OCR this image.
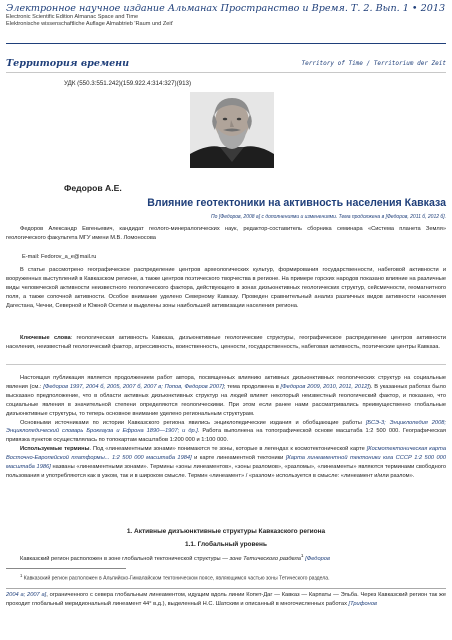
Электронное научное издание Альманах Пространство и Время. Т. 2. Вып. 1 • 2013
Electronic Scientific Edition Almanac Space and Time
Elektronische wissenschaftliche Auflage Almabtrieb 'Raum und Zeit'
Территория времени	Territory of Time / Territorium der Zeit
УДК (550.3:551.242)(159.922.4:314:327)(913)
Федоров А.Е.
Влияние геотектоники на активность населения Кавказа
По [Федоров, 2008 а] с дополнениями и изменениями. Тема продолжена в [Федоров, 2011 б, 2012 б].

Федоров Александр Евгеньевич, кандидат геолого-минералогических наук, редактор-составитель сборника семинара «Система планета Земля» геологического факультета МГУ имени М.В. Ломоносова

E-mail: Fedorov_a_e@mail.ru

В статье рассмотрено географическое распределение центров археологических культур, формирования государственности, набеговой активности и вооруженных выступлений в Кавказском регионе, а также центров поэтического творчества в регионе. На примере горских народов показано влияние на различные виды человеческой активности неизвестного геологического фактора, действующего в зонах дизъюнктивных геологических структур, сейсмичности, геомагнитного поля, а также сопочной активности. Особое внимание уделено Северному Кавказу. Проведен сравнительный анализ различных видов активности населения Дагестана, Чечни, Северной и Южной Осетии и выделены зоны наибольшей активизации населения региона.

Ключевые слова: геологическая активность Кавказа, дизъюнктивные геологические структуры, географическое распределение центров активности населения, неизвестный геологический фактор, агрессивность, воинственность, ценности, государственность, набеговая активность, поэтические центры Кавказа.

Настоящая публикация является продолжением работ автора, посвященных влиянию активных дизъюнктивных геологических структур на социальные явления (см.: [Федоров 1997, 2004 б, 2005, 2007 б, 2007 в; Попов, Федоров 2007]; тема продолжена в [Федоров 2009, 2010, 2011, 2012]). В указанных работах было высказано предположение, что в области активных дизъюнктивных структур на людей влияет некоторый неизвестный геологический фактор, и показано, что социальные явления в значительной степени определяются геологическими. При этом если ранее нами рассматривались преимущественно глобальные дизъюнктивные структуры, то теперь основное внимание уделено региональным структурам.

Основными источниками по истории Кавказского региона явились энциклопедические издания и обобщающие работы [БСЭ-3; Энциклопедия 2008; Энциклопедический словарь Брокгауза и Ефрона 1890—1907; и др.]. Работа выполнена на топографической основе масштаба 1:2 500 000. Географическая привязка пунктов осуществлялась по топокартам масштабов 1:200 000 и 1:100 000.

Используемые термины. Под «линеаментными зонами» понимаются те зоны, которые в легендах к космотектонической карте [Космотектоническая карта Восточно-Европейской платформы... 1:2 500 000 масштаба 1984] и карте линеаментной тектоники [Карта линеаментной тектоники юга СССР 1:2 500 000 масштаба 1986] названы «линеаментными зонами». Термины «зоны линеаментов», «зоны разломов», «разломы», «линеаменты» являются терминами свободного пользования и употребляются как в узком, так и в широком смысле. Термин «линеамент» / «разлом» используется в смысле: «линеамент и/или разлом».

1. Активные дизъюнктивные структуры Кавказского региона
1.1. Глобальный уровень
Кавказский регион расположен в зоне глобальной тектонической структуры — зоне Тетического раздела$^1$ [Федоров
$^1$ Кавказский регион расположен в Альпийско-Гималайском тектоническом поясе, являющимся частью зоны Тетического раздела.
2004 а; 2007 а], ограниченного с севера глобальным линеаментом, идущим вдоль линии Копет-Даг — Кавказ — Карпаты — Эльба. Через Кавказский регион так же проходит глобальный меридиональный линеамент 44° в.д.), выделенный Н.С. Шатским и описанный в многочисленных работах [Трифонов
